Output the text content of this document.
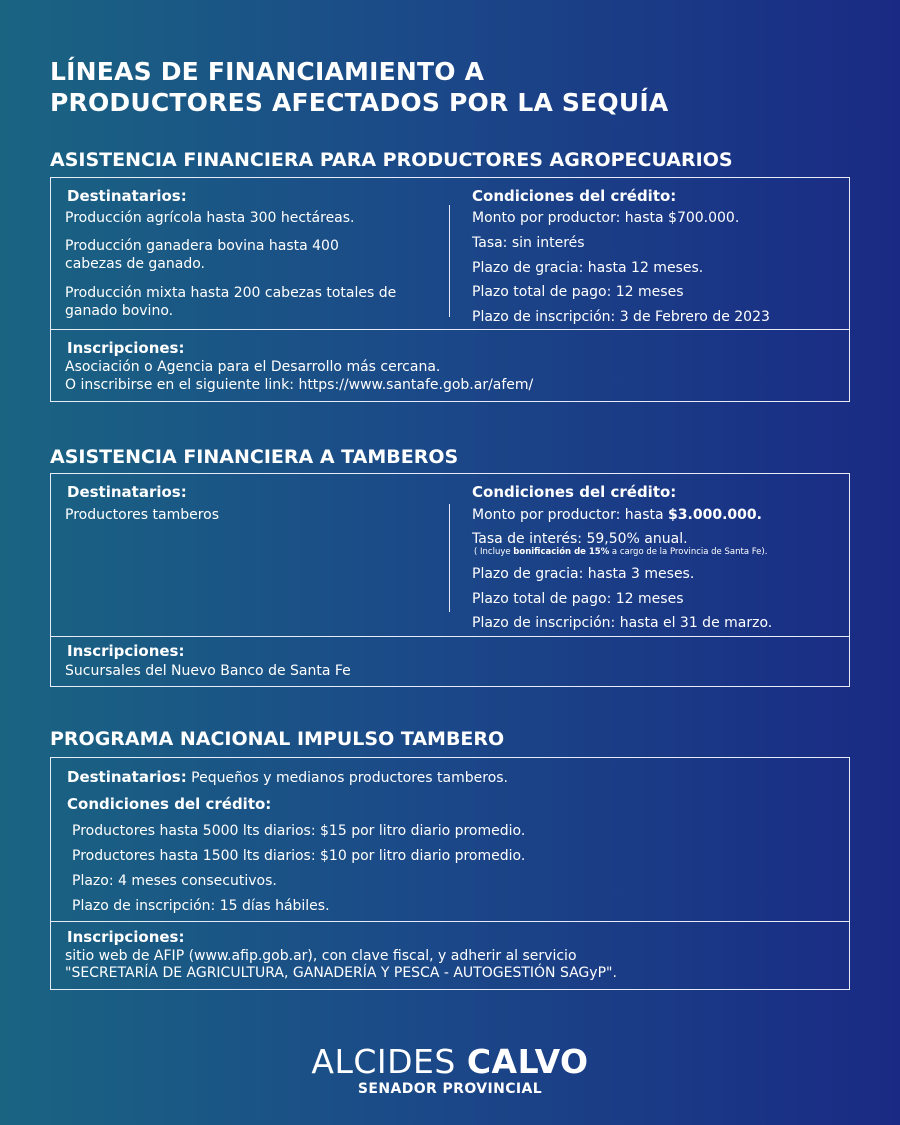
LÍNEAS DE FINANCIAMIENTO A
PRODUCTORES AFECTADOS POR LA SEQUÍA
ASISTENCIA FINANCIERA PARA PRODUCTORES AGROPECUARIOS
Destinatarios:
Producción agrícola hasta 300 hectáreas.
Producción ganadera bovina hasta 400 cabezas de ganado.
Producción mixta hasta 200 cabezas totales de ganado bovino.
Condiciones del crédito:
Monto por productor: hasta $700.000.
Tasa: sin interés
Plazo de gracia: hasta 12 meses.
Plazo total de pago: 12 meses
Plazo de inscripción: 3 de Febrero de 2023
Inscripciones:
Asociación o Agencia para el Desarrollo más cercana.
O inscribirse en el siguiente link: https://www.santafe.gob.ar/afem/
ASISTENCIA FINANCIERA A TAMBEROS
Destinatarios:
Productores tamberos
Condiciones del crédito:
Monto por productor: hasta $3.000.000.
Tasa de interés: 59,50% anual.
( Incluye bonificación de 15% a cargo de la Provincia de Santa Fe).
Plazo de gracia: hasta 3 meses.
Plazo total de pago: 12 meses
Plazo de inscripción: hasta el 31 de marzo.
Inscripciones:
Sucursales del Nuevo Banco de Santa Fe
PROGRAMA NACIONAL IMPULSO TAMBERO
Destinatarios: Pequeños y medianos productores tamberos.
Condiciones del crédito:
Productores hasta 5000 lts diarios: $15 por litro diario promedio.
Productores hasta 1500 lts diarios: $10 por litro diario promedio.
Plazo: 4 meses consecutivos.
Plazo de inscripción: 15 días hábiles.
Inscripciones:
sitio web de AFIP (www.afip.gob.ar), con clave fiscal, y adherir al servicio
"SECRETARÍA DE AGRICULTURA, GANADERÍA Y PESCA - AUTOGESTIÓN SAGyP".
ALCIDES CALVO
SENADOR PROVINCIAL
